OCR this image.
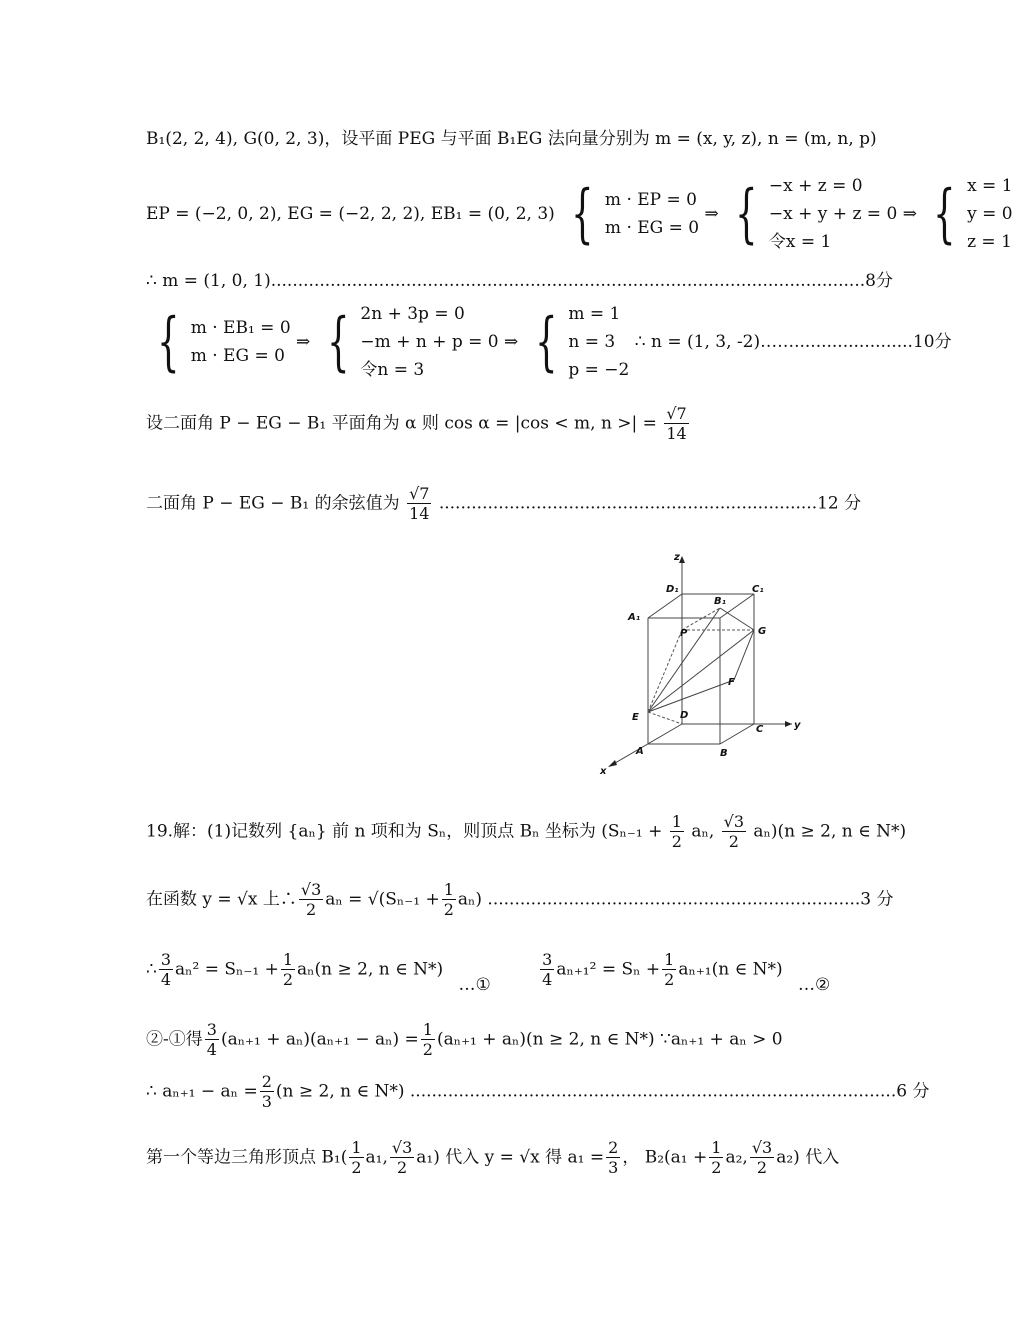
B₁(2, 2, 4), G(0, 2, 3)，设平面 PEG 与平面 B₁EG 法向量分别为 m = (x, y, z), n = (m, n, p)
EP = (−2, 0, 2), EG = (−2, 2, 2), EB₁ = (0, 2, 3) { m · EP = 0
m · EG = 0
⇒ { −x + z = 0
−x + y + z = 0
令x = 1
⇒ { x = 1
y = 0
z = 1
∴ m = (1, 0, 1)..............................................................................................................8分
{ m · EB₁ = 0
m · EG = 0
⇒ { 2n + 3p = 0
−m + n + p = 0
令n = 3
⇒ { m = 1
n = 3
p = −2
∴ n = (1, 3, -2)……......................10分
设二面角 P − EG − B₁ 平面角为 α 则 cos α = |cos < m, n >| = $\frac{√7}{14}$
二面角 P − EG − B₁ 的余弦值为 $\frac{√7}{14} ......................................................................12$ 分
z
y
x
D₁	C₁
B₁
A₁
P	G
F
E	D
C
A	B
19.解：(1)记数列 {aₙ} 前 n 项和为 Sₙ，则顶点 Bₙ 坐标为 ($S_{n-1} + \frac{1}{2} a_n$, $\frac{√3}{2} a_n)(n \ge 2$, n ∈ N*)
在函数 y = √x 上∴ $\frac{√3}{2}$ $a_n = √(S_{n-1} + \frac{1}{2} a_n)$ .....................................................................3 分
∴ $\frac{3}{4} a_n^2 = S_{n-1} + \frac{1}{2} a_n(n \ge 2$, n ∈ N*) …①	$\frac{3}{4} a_{n+1}^2 = S_n + \frac{1}{2} a_{n+1}(n$ ∈ N*) …②
②-①得 $\frac{3}{4} (a_{n+1} + a_n)(a_{n+1} - a_n) = \frac{1}{2} (a_{n+1} + a_n)(n \ge 2$, n ∈ N*) ∵aₙ₊₁ + aₙ > 0
∴ $a_{n+1} - a_n = \frac{2}{3} (n \ge 2$, n ∈ N*) ..........................................................................................6 分
第一个等边三角形顶点 $B_1( \frac{1}{2} a_1$, $\frac{√3}{2} a_1$) 代入 y = √x 得 $a_1 = \frac{2}{3}$ ， $B_2(a_1 + \frac{1}{2} a_2$, $\frac{√3}{2} a_2$) 代入
